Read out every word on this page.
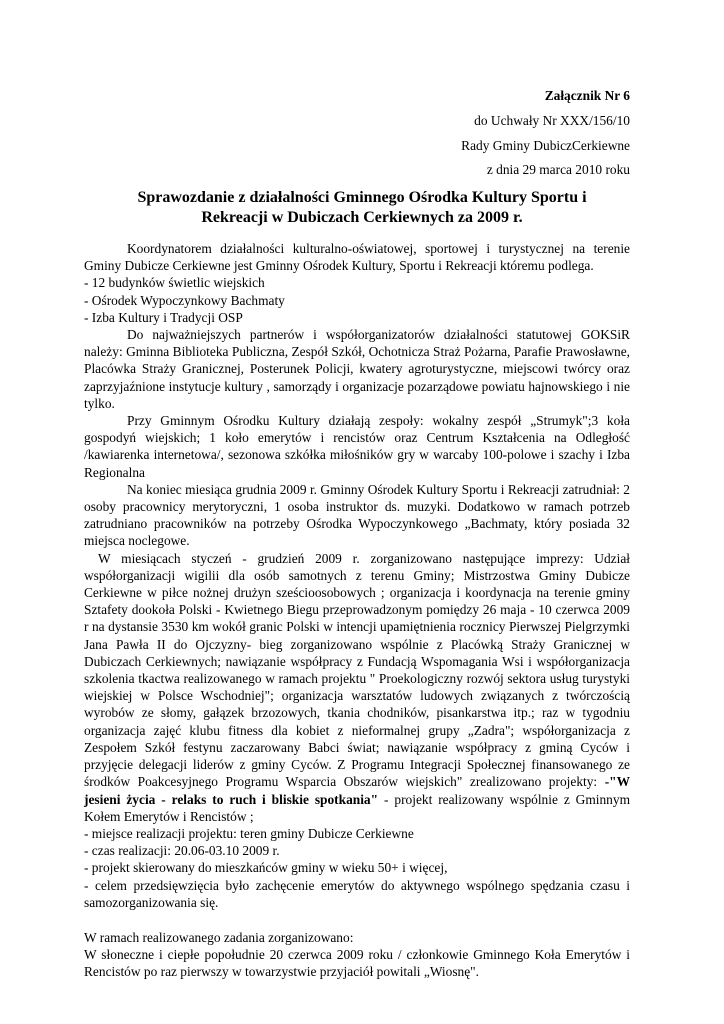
Załącznik Nr 6
do Uchwały Nr XXX/156/10
Rady Gminy DubiczCerkiewne
z dnia 29 marca 2010 roku
Sprawozdanie z działalności Gminnego Ośrodka Kultury Sportu i
Rekreacji w Dubiczach Cerkiewnych za 2009 r.

Koordynatorem działalności kulturalno-oświatowej, sportowej i turystycznej na terenie Gminy Dubicze Cerkiewne jest Gminny Ośrodek Kultury, Sportu i Rekreacji któremu podlega.

- 12 budynków świetlic wiejskich

- Ośrodek Wypoczynkowy Bachmaty

- Izba Kultury i Tradycji OSP

Do najważniejszych partnerów i współorganizatorów działalności statutowej GOKSiR należy: Gminna Biblioteka Publiczna, Zespół Szkół, Ochotnicza Straż Pożarna, Parafie Prawosławne, Placówka Straży Granicznej, Posterunek Policji, kwatery agroturystyczne, miejscowi twórcy oraz zaprzyjaźnione instytucje kultury , samorządy i organizacje pozarządowe powiatu hajnowskiego i nie tylko.

Przy Gminnym Ośrodku Kultury działają zespoły: wokalny zespół „Strumyk";3 koła gospodyń wiejskich; 1 koło emerytów i rencistów oraz Centrum Kształcenia na Odległość /kawiarenka internetowa/, sezonowa szkółka miłośników gry w warcaby 100-polowe i szachy i Izba Regionalna

Na koniec miesiąca grudnia 2009 r. Gminny Ośrodek Kultury Sportu i Rekreacji zatrudniał: 2 osoby pracownicy merytoryczni, 1 osoba instruktor ds. muzyki. Dodatkowo w ramach potrzeb zatrudniano pracowników na potrzeby Ośrodka Wypoczynkowego „Bachmaty, który posiada 32 miejsca noclegowe.

W miesiącach styczeń - grudzień 2009 r. zorganizowano następujące imprezy: Udział współorganizacji wigilii dla osób samotnych z terenu Gminy; Mistrzostwa Gminy Dubicze Cerkiewne w piłce nożnej drużyn sześcioosobowych ; organizacja i koordynacja na terenie gminy Sztafety dookoła Polski - Kwietnego Biegu przeprowadzonym pomiędzy 26 maja - 10 czerwca 2009 r na dystansie 3530 km wokół granic Polski w intencji upamiętnienia rocznicy Pierwszej Pielgrzymki Jana Pawła II do Ojczyzny- bieg zorganizowano wspólnie z Placówką Straży Granicznej w Dubiczach Cerkiewnych; nawiązanie współpracy z Fundacją Wspomagania Wsi i współorganizacja szkolenia tkactwa realizowanego w ramach projektu " Proekologiczny rozwój sektora usług turystyki wiejskiej w Polsce Wschodniej"; organizacja warsztatów ludowych związanych z twórczością wyrobów ze słomy, gałązek brzozowych, tkania chodników, pisankarstwa itp.; raz w tygodniu organizacja zajęć klubu fitness dla kobiet z nieformalnej grupy „Zadra"; współorganizacja z Zespołem Szkół festynu zaczarowany Babci świat; nawiązanie współpracy z gminą Cyców i przyjęcie delegacji liderów z gminy Cyców. Z Programu Integracji Społecznej finansowanego ze środków Poakcesyjnego Programu Wsparcia Obszarów wiejskich" zrealizowano projekty: -"W jesieni życia - relaks to ruch i bliskie spotkania" - projekt realizowany wspólnie z Gminnym Kołem Emerytów i Rencistów ;

- miejsce realizacji projektu: teren gminy Dubicze Cerkiewne

- czas realizacji: 20.06-03.10 2009 r.

- projekt skierowany do mieszkańców gminy w wieku 50+ i więcej,

- celem przedsięwzięcia było zachęcenie emerytów do aktywnego wspólnego spędzania czasu i samozorganizowania się.

W ramach realizowanego zadania zorganizowano:

W słoneczne i ciepłe popołudnie 20 czerwca 2009 roku / członkowie Gminnego Koła Emerytów i Rencistów po raz pierwszy w towarzystwie przyjaciół powitali „Wiosnę".
